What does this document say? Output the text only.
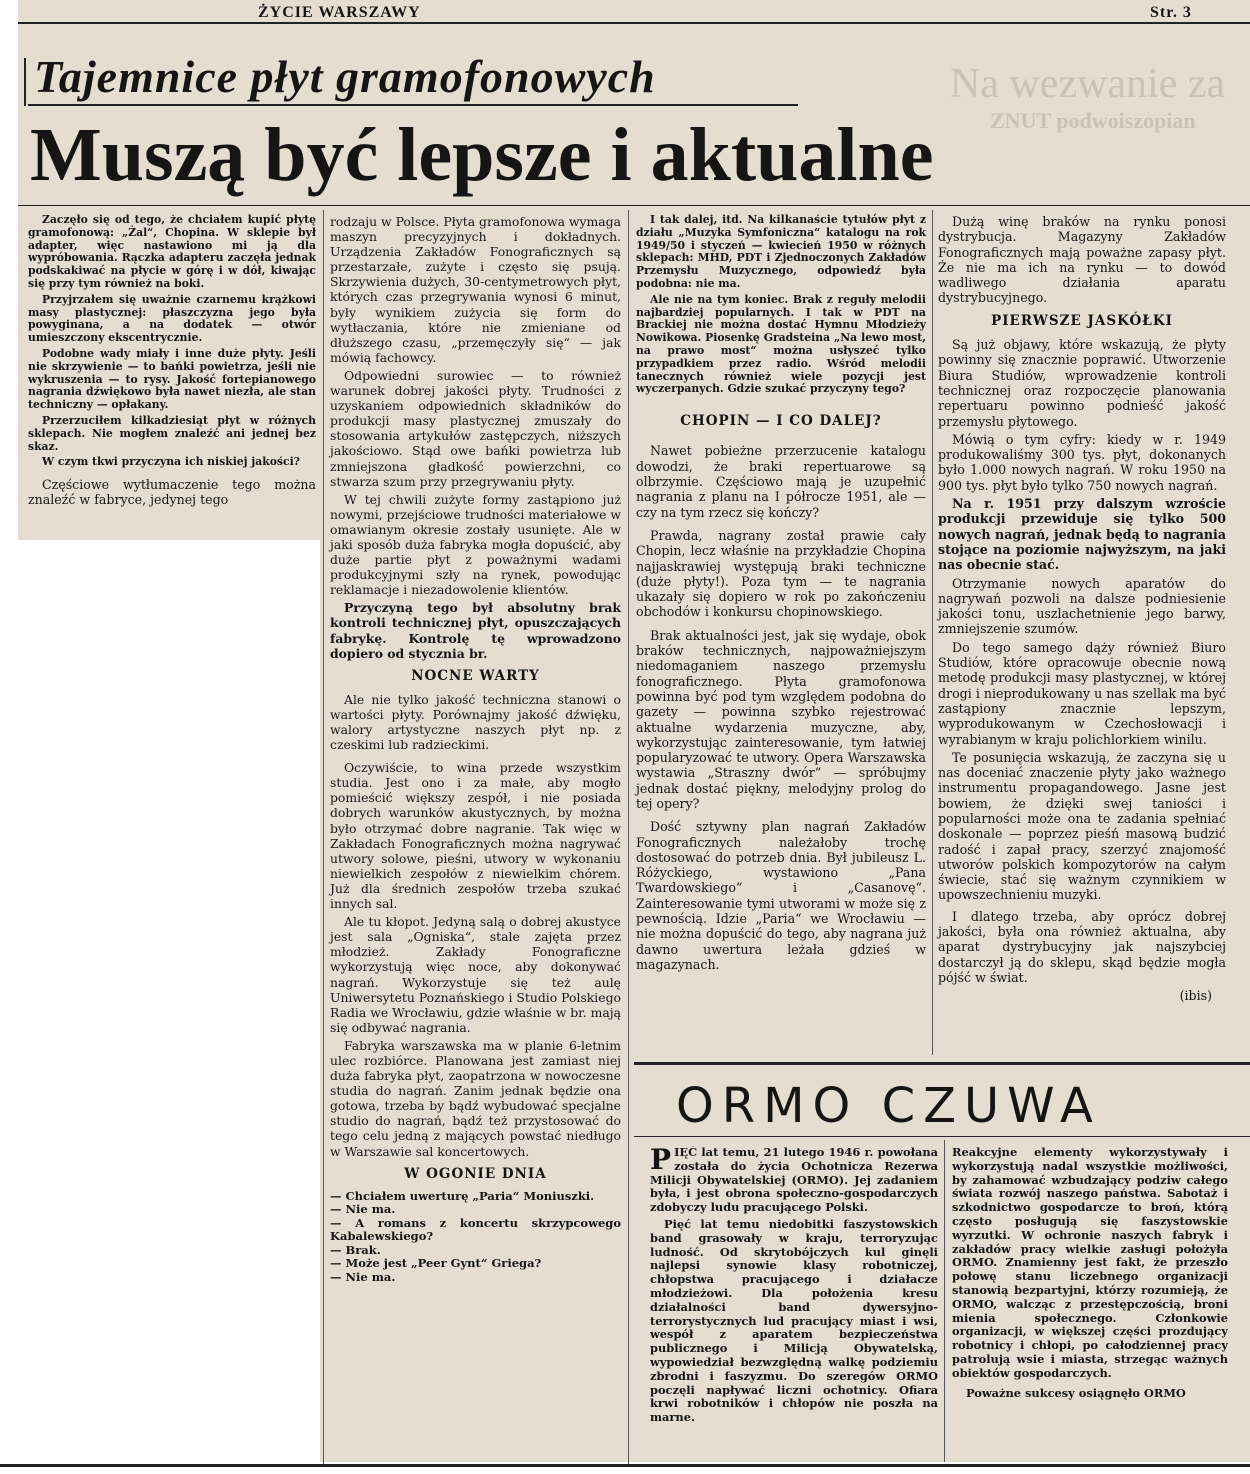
ŻYCIE WARSZAWY	Str. 3
Na wezwanie za
ZNUT podwoiszopian
Tajemnice płyt gramofonowych
Muszą być lepsze i aktualne

Zaczęło się od tego, że chciałem kupić płytę gramofonową: „Żal“, Chopina. W sklepie był adapter, więc nastawiono mi ją dla wypróbowania. Rączka adapteru zaczęła jednak podskakiwać na płycie w górę i w dół, kiwając się przy tym również na boki.

Przyjrzałem się uważnie czarnemu krążkowi masy plastycznej: płaszczyzna jego była powyginana, a na dodatek — otwór umieszczony ekscentrycznie.

Podobne wady miały i inne duże płyty. Jeśli nie skrzywienie — to bańki powietrza, jeśli nie wykruszenia — to rysy. Jakość fortepianowego nagrania dźwiękowo była nawet niezła, ale stan techniczny — opłakany.

Przerzuciłem kilkadziesiąt płyt w różnych sklepach. Nie mogłem znaleźć ani jednej bez skaz.

W czym tkwi przyczyna ich niskiej jakości?

Częściowe wytłumaczenie tego można znaleźć w fabryce, jedynej tego

rodzaju w Polsce. Płyta gramofonowa wymaga maszyn precyzyjnych i dokładnych. Urządzenia Zakładów Fonograficznych są przestarzałe, zużyte i często się psują. Skrzywienia dużych, 30-centymetrowych płyt, których czas przegrywania wynosi 6 minut, były wynikiem zużycia się form do wytłaczania, które nie zmieniane od dłuższego czasu, „przemęczyły się“ — jak mówią fachowcy.

Odpowiedni surowiec — to również warunek dobrej jakości płyty. Trudności z uzyskaniem odpowiednich składników do produkcji masy plastycznej zmuszały do stosowania artykułów zastępczych, niższych jakościowo. Stąd owe bańki powietrza lub zmniejszona gładkość powierzchni, co stwarza szum przy przegrywaniu płyty.

W tej chwili zużyte formy zastąpiono już nowymi, przejściowe trudności materiałowe w omawianym okresie zostały usunięte. Ale w jaki sposób duża fabryka mogła dopuścić, aby duże partie płyt z poważnymi wadami produkcyjnymi szły na rynek, powodując reklamacje i niezadowolenie klientów.

Przyczyną tego był absolutny brak kontroli technicznej płyt, opuszczających fabrykę. Kontrolę tę wprowadzono dopiero od stycznia br.

NOCNE WARTY

Ale nie tylko jakość techniczna stanowi o wartości płyty. Porównajmy jakość dźwięku, walory artystyczne naszych płyt np. z czeskimi lub radzieckimi.

Oczywiście, to wina przede wszystkim studia. Jest ono i za małe, aby mogło pomieścić większy zespół, i nie posiada dobrych warunków akustycznych, by można było otrzymać dobre nagranie. Tak więc w Zakładach Fonograficznych można nagrywać utwory solowe, pieśni, utwory w wykonaniu niewielkich zespołów z niewielkim chórem. Już dla średnich zespołów trzeba szukać innych sal.

Ale tu kłopot. Jedyną salą o dobrej akustyce jest sala „Ogniska“, stale zajęta przez młodzież. Zakłady Fonograficzne wykorzystują więc noce, aby dokonywać nagrań. Wykorzystuje się też aulę Uniwersytetu Poznańskiego i Studio Polskiego Radia we Wrocławiu, gdzie właśnie w br. mają się odbywać nagrania.

Fabryka warszawska ma w planie 6-letnim ulec rozbiórce. Planowana jest zamiast niej duża fabryka płyt, zaopatrzona w nowoczesne studia do nagrań. Zanim jednak będzie ona gotowa, trzeba by bądź wybudować specjalne studio do nagrań, bądź też przystosować do tego celu jedną z mających powstać niedługo w Warszawie sal koncertowych.

W OGONIE DNIA

— Chciałem uwerturę „Paria“ Moniuszki.

— Nie ma.

— A romans z koncertu skrzypcowego Kabalewskiego?

— Brak.

— Może jest „Peer Gynt“ Griega?

— Nie ma.

I tak dalej, itd. Na kilkanaście tytułów płyt z działu „Muzyka Symfoniczna“ katalogu na rok 1949/50 i styczeń — kwiecień 1950 w różnych sklepach: MHD, PDT i Zjednoczonych Zakładów Przemysłu Muzycznego, odpowiedź była podobna: nie ma.

Ale nie na tym koniec. Brak z reguły melodii najbardziej popularnych. I tak w PDT na Brackiej nie można dostać Hymnu Młodzieży Nowikowa. Piosenkę Gradsteina „Na lewo most, na prawo most“ można usłyszeć tylko przypadkiem przez radio. Wśród melodii tanecznych również wiele pozycji jest wyczerpanych. Gdzie szukać przyczyny tego?

CHOPIN — I CO DALEJ?

Nawet pobieżne przerzucenie katalogu dowodzi, że braki repertuarowe są olbrzymie. Częściowo mają je uzupełnić nagrania z planu na I półrocze 1951, ale — czy na tym rzecz się kończy?

Prawda, nagrany został prawie cały Chopin, lecz właśnie na przykładzie Chopina najjaskrawiej występują braki techniczne (duże płyty!). Poza tym — te nagrania ukazały się dopiero w rok po zakończeniu obchodów i konkursu chopinowskiego.

Brak aktualności jest, jak się wydaje, obok braków technicznych, najpoważniejszym niedomaganiem naszego przemysłu fonograficznego. Płyta gramofonowa powinna być pod tym względem podobna do gazety — powinna szybko rejestrować aktualne wydarzenia muzyczne, aby, wykorzystując zainteresowanie, tym łatwiej popularyzować te utwory. Opera Warszawska wystawia „Straszny dwór“ — spróbujmy jednak dostać piękny, melodyjny prolog do tej opery?

Dość sztywny plan nagrań Zakładów Fonograficznych należałoby trochę dostosować do potrzeb dnia. Był jubileusz L. Różyckiego, wystawiono „Pana Twardowskiego“ i „Casanovę“. Zainteresowanie tymi utworami w może się z pewnością. Idzie „Paria“ we Wrocławiu — nie można dopuścić do tego, aby nagrana już dawno uwertura leżała gdzieś w magazynach.

Dużą winę braków na rynku ponosi dystrybucja. Magazyny Zakładów Fonograficznych mają poważne zapasy płyt. Że nie ma ich na rynku — to dowód wadliwego działania aparatu dystrybucyjnego.

PIERWSZE JASKÓŁKI

Są już objawy, które wskazują, że płyty powinny się znacznie poprawić. Utworzenie Biura Studiów, wprowadzenie kontroli technicznej oraz rozpoczęcie planowania repertuaru powinno podnieść jakość przemysłu płytowego.

Mówią o tym cyfry: kiedy w r. 1949 produkowaliśmy 300 tys. płyt, dokonanych było 1.000 nowych nagrań. W roku 1950 na 900 tys. płyt było tylko 750 nowych nagrań.

Na r. 1951 przy dalszym wzroście produkcji przewiduje się tylko 500 nowych nagrań, jednak będą to nagrania stojące na poziomie najwyższym, na jaki nas obecnie stać.

Otrzymanie nowych aparatów do nagrywań pozwoli na dalsze podniesienie jakości tonu, uszlachetnienie jego barwy, zmniejszenie szumów.

Do tego samego dąży również Biuro Studiów, które opracowuje obecnie nową metodę produkcji masy plastycznej, w której drogi i nieprodukowany u nas szellak ma być zastąpiony znacznie lepszym, wyprodukowanym w Czechosłowacji i wyrabianym w kraju polichlorkiem winilu.

Te posunięcia wskazują, że zaczyna się u nas doceniać znaczenie płyty jako ważnego instrumentu propagandowego. Jasne jest bowiem, że dzięki swej taniości i popularności może ona te zadania spełniać doskonale — poprzez pieśń masową budzić radość i zapał pracy, szerzyć znajomość utworów polskich kompozytorów na całym świecie, stać się ważnym czynnikiem w upowszechnieniu muzyki.

I dlatego trzeba, aby oprócz dobrej jakości, była ona również aktualna, aby aparat dystrybucyjny jak najszybciej dostarczył ją do sklepu, skąd będzie mogła pójść w świat.

(ibis)

ORMO CZUWA

PIĘĆ lat temu, 21 lutego 1946 r. powołana została do życia Ochotnicza Rezerwa Milicji Obywatelskiej (ORMO). Jej zadaniem była, i jest obrona społeczno-gospodarczych zdobyczy ludu pracującego Polski.

Pięć lat temu niedobitki faszystowskich band grasowały w kraju, terroryzując ludność. Od skrytobójczych kul ginęli najlepsi synowie klasy robotniczej, chłopstwa pracującego i działacze młodzieżowi. Dla położenia kresu działalności band dywersyjno-terrorystycznych lud pracujący miast i wsi, wespół z aparatem bezpieczeństwa publicznego i Milicją Obywatelską, wypowiedział bezwzględną walkę podziemiu zbrodni i faszyzmu. Do szeregów ORMO poczęli napływać liczni ochotnicy. Ofiara krwi robotników i chłopów nie poszła na marne.

Reakcyjne elementy wykorzystywały i wykorzystują nadal wszystkie możliwości, by zahamować wzbudzający podziw całego świata rozwój naszego państwa. Sabotaż i szkodnictwo gospodarcze to broń, którą często posługują się faszystowskie wyrzutki. W ochronie naszych fabryk i zakładów pracy wielkie zasługi położyła ORMO. Znamienny jest fakt, że przeszło połowę stanu liczebnego organizacji stanowią bezpartyjni, którzy rozumieją, że ORMO, walcząc z przestępczością, broni mienia społecznego. Członkowie organizacji, w większej części prozdujący robotnicy i chłopi, po całodziennej pracy patrolują wsie i miasta, strzegąc ważnych obiektów gospodarczych.

Poważne sukcesy osiągnęło ORMO
